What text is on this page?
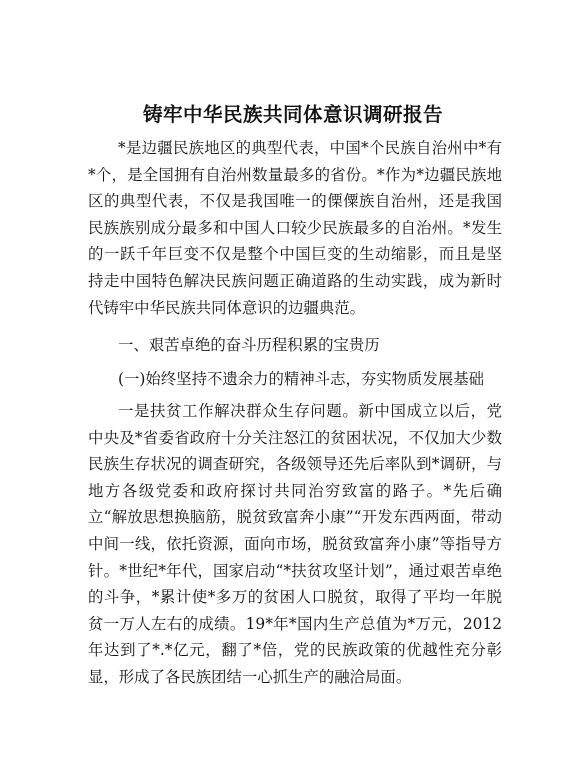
铸牢中华民族共同体意识调研报告

*是边疆民族地区的典型代表，中国*个民族自治州中*有*个，是全国拥有自治州数量最多的省份。*作为*边疆民族地区的典型代表，不仅是我国唯一的傈僳族自治州，还是我国民族族别成分最多和中国人口较少民族最多的自治州。*发生的一跃千年巨变不仅是整个中国巨变的生动缩影，而且是坚持走中国特色解决民族问题正确道路的生动实践，成为新时代铸牢中华民族共同体意识的边疆典范。

一、艰苦卓绝的奋斗历程积累的宝贵历

(一)始终坚持不遗余力的精神斗志，夯实物质发展基础

一是扶贫工作解决群众生存问题。新中国成立以后，党中央及*省委省政府十分关注怒江的贫困状况，不仅加大少数民族生存状况的调查研究，各级领导还先后率队到*调研，与地方各级党委和政府探讨共同治穷致富的路子。*先后确立“解放思想换脑筋，脱贫致富奔小康”“开发东西两面，带动中间一线，依托资源，面向市场，脱贫致富奔小康”等指导方针。*世纪*年代，国家启动“*扶贫攻坚计划”，通过艰苦卓绝的斗争，*累计使*多万的贫困人口脱贫，取得了平均一年脱贫一万人左右的成绩。19*年*国内生产总值为*万元，2012 年达到了*.*亿元，翻了*倍，党的民族政策的优越性充分彰显，形成了各民族团结一心抓生产的融洽局面。
